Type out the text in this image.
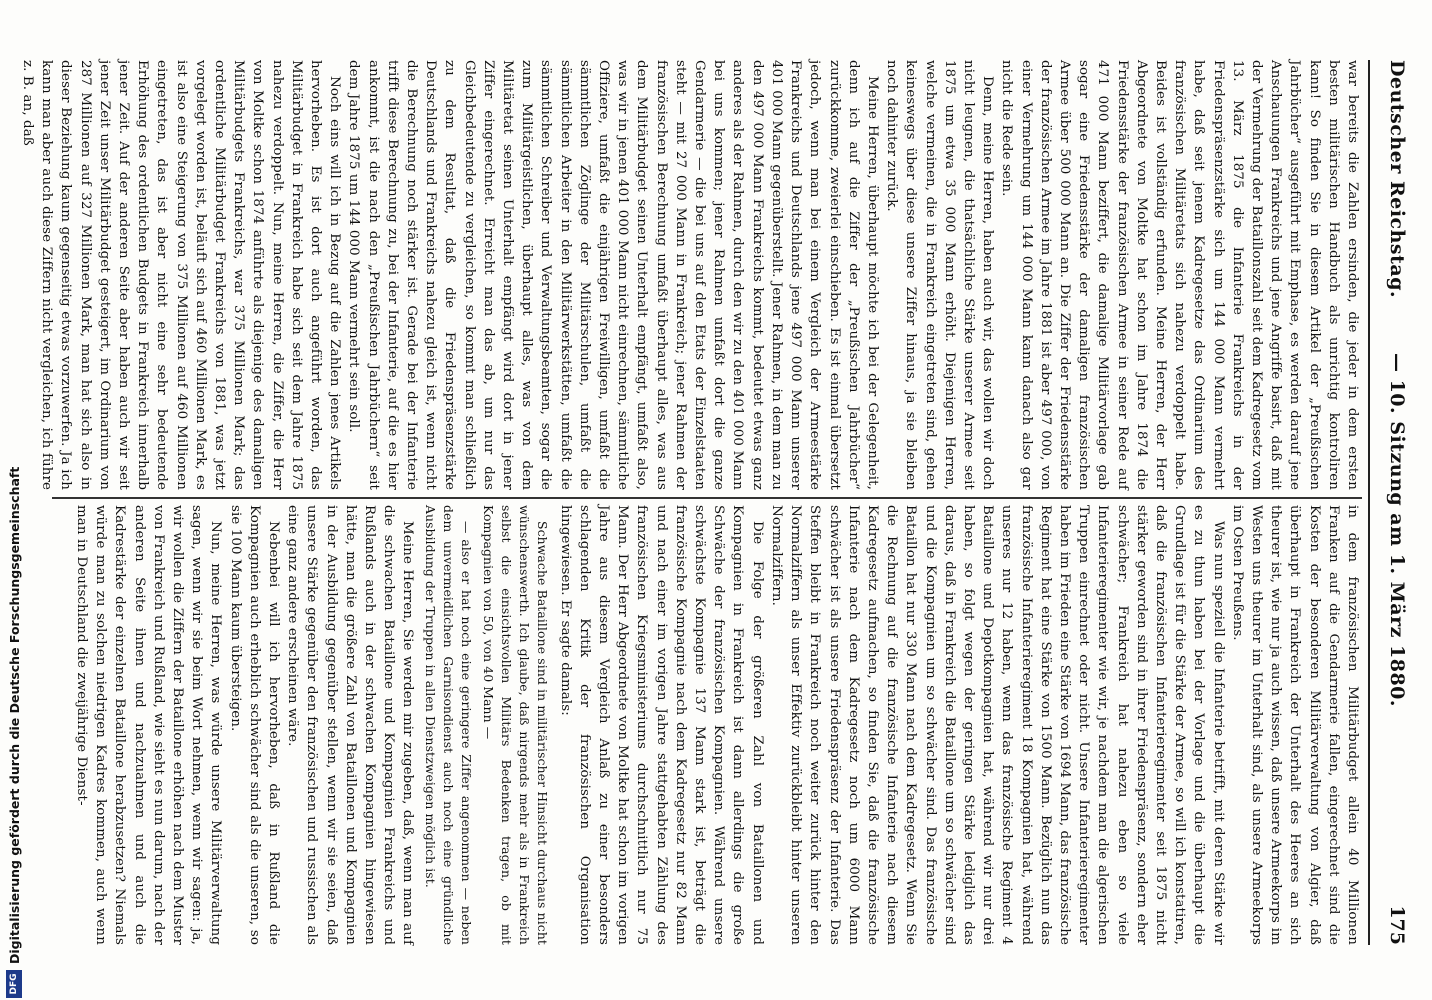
Deutscher Reichstag.
— 10. Sitzung am 1. März 1880.
175

war bereits die Zahlen ersinden, die jeder in dem ersten besten militärischen Handbuch als unrichtig kontroliren kann! So finden Sie in diesem Artikel der „Preußischen Jahrbücher“ ausgeführt mit Emphase, es werden darauf jene Anschauungen Frankreichs und jene Angriffe basirt, daß mit der Vermehrung der Bataillonszahl seit dem Kadregesetz vom 13. März 1875 die Infanterie Frankreichs in der Friedenspräsenzstärke sich um 144 000 Mann vermehrt habe, daß seit jenem Kadregesetze das Ordinarium des französischen Militäretats sich nahezu verdoppelt habe. Beides ist vollständig erfunden. Meine Herren, der Herr Abgeordnete von Moltke hat schon im Jahre 1874 die Friedensstärke der französischen Armee in seiner Rede auf 471 000 Mann beziffert, die damalige Militärvorlage gab sogar eine Friedensstärke der damaligen französischen Armee über 500 000 Mann an. Die Ziffer der Friedensstärke der französischen Armee im Jahre 1881 ist aber 497 000, von einer Vermehrung um 144 000 Mann kann danach also gar nicht die Rede sein.

Denn, meine Herren, haben auch wir, das wollen wir doch nicht leugnen, die thatsächliche Stärke unserer Armee seit 1875 um etwa 35 000 Mann erhöht. Diejenigen Herren, welche vermeinen, die in Frankreich eingetreten sind, gehen keineswegs über diese unsere Ziffer hinaus, ja sie bleiben noch dahinter zurück.

Meine Herren, überhaupt möchte ich bei der Gelegenheit, denn ich auf die Ziffer der „Preußischen Jahrbücher“ zurückkomme, zweierlei einschieben. Es ist einmal übersetzt jedoch, wenn man bei einem Vergleich der Armeestärke Frankreichs und Deutschlands jene 497 000 Mann unserer 401 000 Mann gegenüberstellt. Jener Rahmen, in dem man zu den 497 000 Mann Frankreichs kommt, bedeutet etwas ganz anderes als der Rahmen, durch den wir zu den 401 000 Mann bei uns kommen; jener Rahmen umfaßt dort die ganze Gendarmerie — die bei uns auf den Etats der Einzelstaaten steht — mit 27 000 Mann in Frankreich; jener Rahmen der französischen Berechnung umfaßt überhaupt alles, was aus dem Militärbudget seinen Unterhalt empfängt, umfaßt also, was wir in jenen 401 000 Mann nicht einrechnen, sämmtliche Offiziere, umfaßt die einjährigen Freiwilligen, umfaßt die sämmtlichen Zöglinge der Militärschulen, umfaßt die sämmtlichen Arbeiter in den Militärwerkstätten, umfaßt die sämmtlichen Schreiber und Verwaltungsbeamten, sogar die zum Militärgeistlichen, überhaupt alles, was von dem Militäretat seinen Unterhalt empfängt wird dort in jener Ziffer eingerechnet. Erreicht man das ab, um nur das Gleichbedeutende zu vergleichen, so kommt man schließlich zu dem Resultat, daß die Friedenspräsenzstärke Deutschlands und Frankreichs nahezu gleich ist, wenn nicht die Berechnung noch stärker ist. Gerade bei der Infanterie trifft diese Berechnung zu, bei der Infanterie, auf die es hier ankommt, ist die nach den „Preußischen Jahrbüchern“ seit dem Jahre 1875 um 144 000 Mann vermehrt sein soll.

Noch eins will ich in Bezug auf die Zahlen jenes Artikels hervorheben. Es ist dort auch angeführt worden, das Militärbudget in Frankreich habe sich seit dem Jahre 1875 nahezu verdoppelt. Nun, meine Herren, die Ziffer, die Herr von Moltke schon 1874 anführte als diejenige des damaligen Militärbudgets Frankreichs, war 375 Millionen Mark; das ordentliche Militärbudget Frankreichs von 1881, was jetzt vorgelegt worden ist, beläuft sich auf 460 Millionen Mark, es ist also eine Steigerung von 375 Millionen auf 460 Millionen eingetreten, das ist aber nicht eine sehr bedeutende Erhöhung des ordentlichen Budgets in Frankreich innerhalb jener Zeit. Auf der anderen Seite aber haben auch wir seit jener Zeit unser Militärbudget gesteigert, im Ordinarium von 287 Millionen auf 327 Millionen Mark, man hat sich also in dieser Beziehung kaum gegenseitig etwas vorzuwerfen. Ja ich kann man aber auch diese Ziffern nicht vergleichen, ich führe z. B. an, daß

in dem französischen Militärbudget allein 40 Millionen Franken auf die Gendarmerie fallen, eingerechnet sind die Kosten der besonderen Militärverwaltung von Algier, daß überhaupt in Frankreich der Unterhalt des Heeres an sich theurer ist, wie nur ja auch wissen, daß unsere Armeekorps im Westen uns theurer im Unterhalt sind, als unsere Armeekorps im Osten Preußens.

Was nun speziell die Infanterie betrifft, mit deren Stärke wir es zu thun haben bei der Vorlage und die überhaupt die Grundlage ist für die Stärke der Armee, so will ich konstatiren, daß die französischen Infanterieregimenter seit 1875 nicht stärker geworden sind in ihrer Friedenspräsenz, sondern eher schwächer; Frankreich hat nahezu eben so viele Infanterieregimenter wie wir, je nachdem man die algerischen Truppen einrechnet oder nicht. Unsere Infanterieregimenter haben im Frieden eine Stärke von 1694 Mann, das französische Regiment hat eine Stärke von 1500 Mann. Bezüglich nun das französische Infanterieregiment 18 Kompagnien hat, während unseres nur 12 haben, wenn das französische Regiment 4 Bataillone und Depotkompagnien hat, während wir nur drei haben, so folgt wegen der geringen Stärke lediglich das daraus, daß in Frankreich die Bataillone um so schwächer sind und die Kompagnien um so schwächer sind. Das französische Bataillon hat nur 330 Mann nach dem Kadregesetz. Wenn Sie die Rechnung auf die französische Infanterie nach diesem Kadregesetz aufmachen, so finden Sie, daß die französische Infanterie nach dem Kadregesetz noch um 6000 Mann schwächer ist als unsere Friedenspräsenz der Infanterie. Das Steffen bleibt in Frankreich noch weiter zurück hinter den Normalziffern als unser Effektiv zurückbleibt hinter unseren Normalziffern.

Die Folge der größeren Zahl von Bataillonen und Kompagnien in Frankreich ist dann allerdings die große Schwäche der französischen Kompagnien. Während unsere schwächste Kompagnie 137 Mann stark ist, beträgt die französische Kompagnie nach dem Kadregesetz nur 82 Mann und nach einer im vorigen Jahre stattgehabten Zählung des französischen Kriegsministeriums durchschnittlich nur 75 Mann. Der Herr Abgeordnete von Moltke hat schon im vorigen Jahre aus diesem Vergleich Anlaß zu einer besonders schlagenden Kritik der französischen Organisation hingewiesen. Er sagte damals:

Schwache Bataillone sind in militärischer Hinsicht durchaus nicht wünschenswerth. Ich glaube, daß nirgends mehr als in Frankreich selbst die einsichtsvollen Militärs Bedenken tragen, ob mit Kompagnien von 50, von 40 Mann —

— also er hat noch eine geringere Ziffer angenommen — neben dem unvermeidlichen Garnisondienst auch noch eine gründliche Ausbildung der Truppen in allen Dienstzweigen möglich ist.

Meine Herren, Sie werden mir zugeben, daß, wenn man auf die schwachen Bataillone und Kompagnien Frankreichs und Rußlands auch in der schwachen Kompagnien hingewiesen hätte, man die größere Zahl von Bataillonen und Kompagnien in der Ausbildung gegenüber stellen, wenn wir sie seien, daß unsere Stärke gegenüber den französischen und russischen als eine ganz andere erscheinen wäre.

Nebenbei will ich hervorheben, daß in Rußland die Kompagnien auch erheblich schwächer sind als die unseren, so sie 100 Mann kaum übersteigen.

Nun, meine Herren, was würde unsere Militärverwaltung sagen, wenn wir sie beim Wort nehmen, wenn wir sagen: ja, wir wollen die Ziffern der Bataillone erhöhen nach dem Muster von Frankreich und Rußland, wie sieht es nun darum, nach der anderen Seite ihnen und nachzuahmen und auch die Kadrestärke der einzelnen Bataillone herabzusetzen? Niemals würde man zu solchen niedrigen Kadres kommen, auch wenn man in Deutschland die zweijährige Dienst-

DFG
Digitalisierung gefördert durch die Deutsche Forschungsgemeinschaft
